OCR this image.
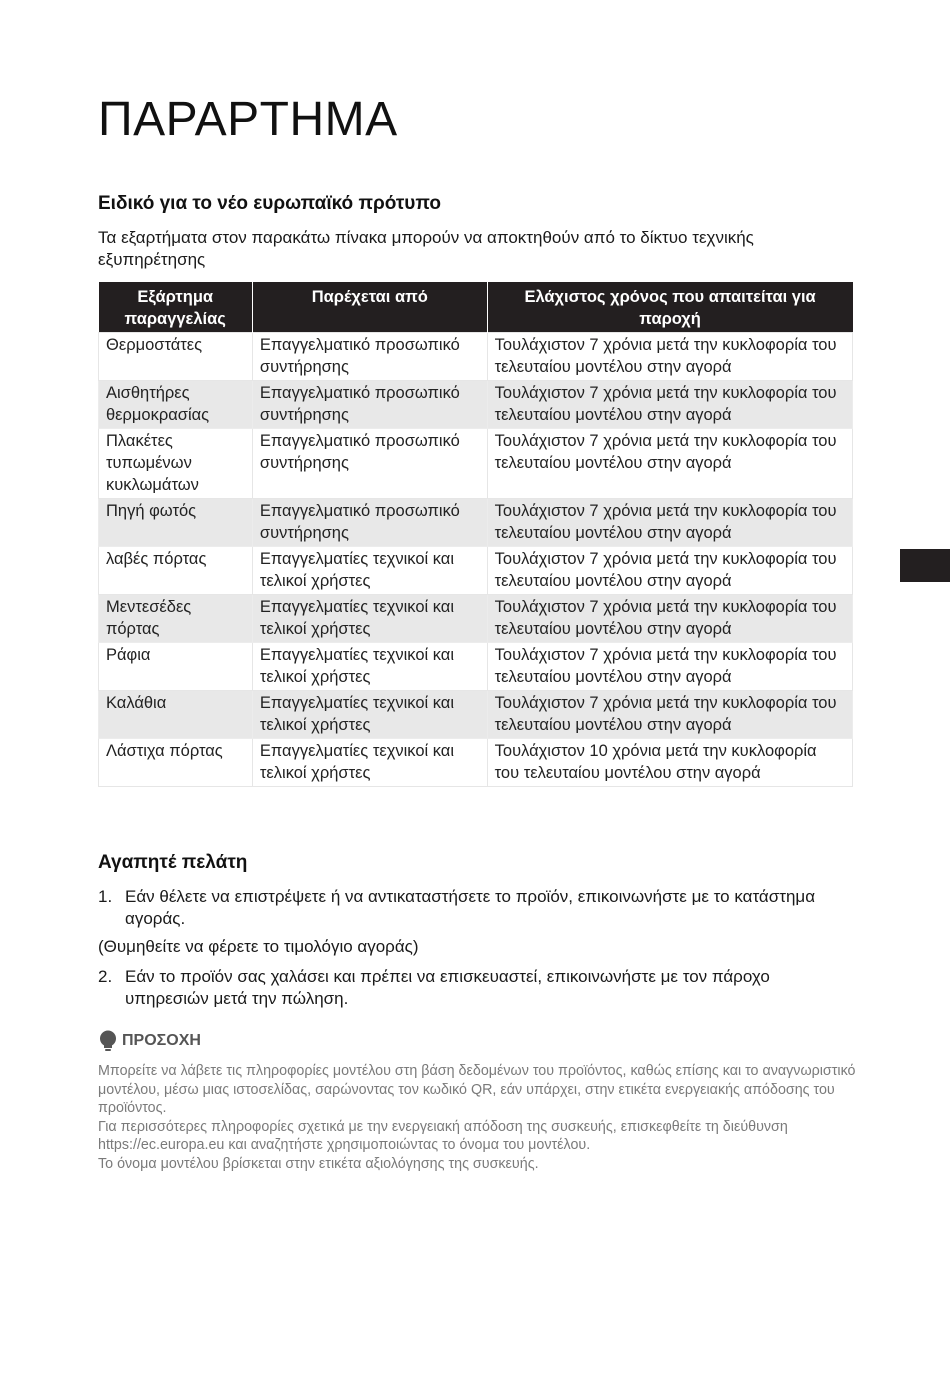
ΠΑΡΑΡΤΗΜΑ
Ειδικό για το νέο ευρωπαϊκό πρότυπο

Τα εξαρτήματα στον παρακάτω πίνακα μπορούν να αποκτηθούν από το δίκτυο τεχνικής εξυπηρέτησης

Εξάρτημα παραγγελίας	Παρέχεται από	Ελάχιστος χρόνος που απαιτείται για παροχή
Θερμοστάτες	Επαγγελματικό προσωπικό συντήρησης	Τουλάχιστον 7 χρόνια μετά την κυκλοφορία του τελευταίου μοντέλου στην αγορά
Αισθητήρες θερμοκρασίας	Επαγγελματικό προσωπικό συντήρησης	Τουλάχιστον 7 χρόνια μετά την κυκλοφορία του τελευταίου μοντέλου στην αγορά
Πλακέτες τυπωμένων κυκλωμάτων	Επαγγελματικό προσωπικό συντήρησης	Τουλάχιστον 7 χρόνια μετά την κυκλοφορία του τελευταίου μοντέλου στην αγορά
Πηγή φωτός	Επαγγελματικό προσωπικό συντήρησης	Τουλάχιστον 7 χρόνια μετά την κυκλοφορία του τελευταίου μοντέλου στην αγορά
λαβές πόρτας	Επαγγελματίες τεχνικοί και τελικοί χρήστες	Τουλάχιστον 7 χρόνια μετά την κυκλοφορία του τελευταίου μοντέλου στην αγορά
Μεντεσέδες πόρτας	Επαγγελματίες τεχνικοί και τελικοί χρήστες	Τουλάχιστον 7 χρόνια μετά την κυκλοφορία του τελευταίου μοντέλου στην αγορά
Ράφια	Επαγγελματίες τεχνικοί και τελικοί χρήστες	Τουλάχιστον 7 χρόνια μετά την κυκλοφορία του τελευταίου μοντέλου στην αγορά
Καλάθια	Επαγγελματίες τεχνικοί και τελικοί χρήστες	Τουλάχιστον 7 χρόνια μετά την κυκλοφορία του τελευταίου μοντέλου στην αγορά
Λάστιχα πόρτας	Επαγγελματίες τεχνικοί και τελικοί χρήστες	Τουλάχιστον 10 χρόνια μετά την κυκλοφορία του τελευταίου μοντέλου στην αγορά
Αγαπητέ πελάτη
1. Εάν θέλετε να επιστρέψετε ή να αντικαταστήσετε το προϊόν, επικοινωνήστε με το κατάστημα αγοράς.

(Θυμηθείτε να φέρετε το τιμολόγιο αγοράς)

2. Εάν το προϊόν σας χαλάσει και πρέπει να επισκευαστεί, επικοινωνήστε με τον πάροχο υπηρεσιών μετά την πώληση.
ΠΡΟΣΟΧΗ

Μπορείτε να λάβετε τις πληροφορίες μοντέλου στη βάση δεδομένων του προϊόντος, καθώς επίσης και το αναγνωριστικό μοντέλου, μέσω μιας ιστοσελίδας, σαρώνοντας τον κωδικό QR, εάν υπάρχει, στην ετικέτα ενεργειακής απόδοσης του προϊόντος.
Για περισσότερες πληροφορίες σχετικά με την ενεργειακή απόδοση της συσκευής, επισκεφθείτε τη διεύθυνση https://ec.europa.eu και αναζητήστε χρησιμοποιώντας το όνομα του μοντέλου.
Το όνομα μοντέλου βρίσκεται στην ετικέτα αξιολόγησης της συσκευής.
